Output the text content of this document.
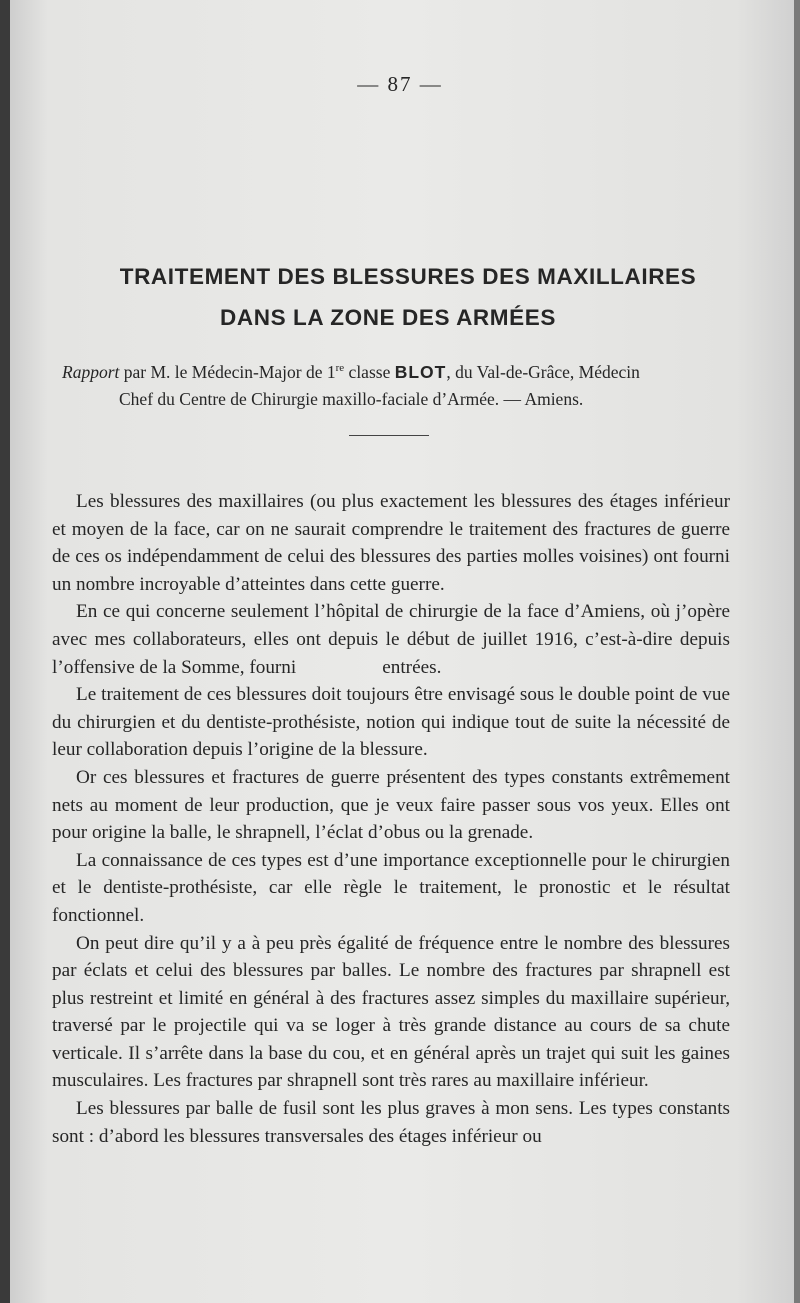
— 87 —
TRAITEMENT DES BLESSURES DES MAXILLAIRES
DANS LA ZONE DES ARMÉES
Rapport par M. le Médecin-Major de 1re classe BLOT, du Val-de-Grâce, Médecin
Chef du Centre de Chirurgie maxillo-faciale d’Armée. — Amiens.

Les blessures des maxillaires (ou plus exactement les blessures des étages inférieur et moyen de la face, car on ne saurait comprendre le traitement des fractures de guerre de ces os indépendamment de celui des blessures des parties molles voisines) ont fourni un nombre incroyable d’atteintes dans cette guerre.

En ce qui concerne seulement l’hôpital de chirurgie de la face d’Amiens, où j’opère avec mes collaborateurs, elles ont depuis le début de juillet 1916, c’est-à-dire depuis l’offensive de la Somme, fourni	entrées.

Le traitement de ces blessures doit toujours être envisagé sous le double point de vue du chirurgien et du dentiste-prothésiste, notion qui indique tout de suite la nécessité de leur collaboration depuis l’origine de la blessure.

Or ces blessures et fractures de guerre présentent des types constants extrêmement nets au moment de leur production, que je veux faire passer sous vos yeux. Elles ont pour origine la balle, le shrapnell, l’éclat d’obus ou la grenade.

La connaissance de ces types est d’une importance exceptionnelle pour le chirurgien et le dentiste-prothésiste, car elle règle le traitement, le pronostic et le résultat fonctionnel.

On peut dire qu’il y a à peu près égalité de fréquence entre le nombre des blessures par éclats et celui des blessures par balles. Le nombre des fractures par shrapnell est plus restreint et limité en général à des fractures assez simples du maxillaire supérieur, traversé par le projectile qui va se loger à très grande distance au cours de sa chute verticale. Il s’arrête dans la base du cou, et en général après un trajet qui suit les gaines musculaires. Les fractures par shrapnell sont très rares au maxillaire inférieur.

Les blessures par balle de fusil sont les plus graves à mon sens. Les types constants sont : d’abord les blessures transversales des étages inférieur ou
